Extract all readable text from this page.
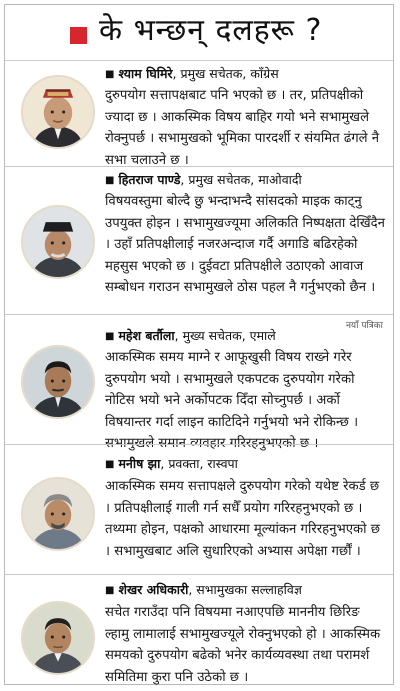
के भन्छन् दलहरू ?
■ श्याम घिमिरे, प्रमुख सचेतक, काँग्रेस
दुरुपयोग सत्तापक्षबाट पनि भएको छ । तर, प्रतिपक्षीको ज्यादा छ । आकस्मिक विषय बाहिर गयो भने सभामुखले रोक्नुपर्छ । सभामुखको भूमिका पारदर्शी र संयमित ढंगले नै सभा चलाउने छ ।
■ हितराज पाण्डे, प्रमुख सचेतक, माओवादी
विषयवस्तुमा बोल्दै छु भन्दाभन्दै सांसदको माइक काट्नु उपयुक्त होइन । सभामुखज्यूमा अलिकति निष्पक्षता देखिँदैन । उहाँ प्रतिपक्षीलाई नजरअन्दाज गर्दै अगाडि बढिरहेको महसुस भएको छ । दुईवटा प्रतिपक्षीले उठाएको आवाज सम्बोधन गराउन सभामुखले ठोस पहल नै गर्नुभएको छैन ।
नयाँ पत्रिका
■ महेश बर्तौला, मुख्य सचेतक, एमाले
आकस्मिक समय माग्ने र आफूखुसी विषय राख्ने गरेर दुरुपयोग भयो । सभामुखले एकपटक दुरुपयोग गरेको नोटिस भयो भने अर्कोपटक दिँदा सोच्नुपर्छ । अर्को विषयान्तर गर्दा लाइन काटिदिने गर्नुभयो भने रोकिन्छ । सभामुखले समान व्यवहार गरिरहनुभएको छ ।
■ मनीष झा, प्रवक्ता, रास्वपा
आकस्मिक समय सत्तापक्षले दुरुपयोग गरेको यथेष्ट रेकर्ड छ । प्रतिपक्षीलाई गाली गर्न सधैँ प्रयोग गरिरहनुभएको छ । तथ्यमा होइन, पक्षको आधारमा मूल्यांकन गरिरहनुभएको छ । सभामुखबाट अलि सुधारिएको अभ्यास अपेक्षा गर्छौं ।
■ शेखर अधिकारी, सभामुखका सल्लाहविज्ञ
सचेत गराउँदा पनि विषयमा नआएपछि माननीय छिरिङ ल्हामु लामालाई सभामुखज्यूले रोक्नुभएको हो । आकस्मिक समयको दुरुपयोग बढेको भनेर कार्यव्यवस्था तथा परामर्श समितिमा कुरा पनि उठेको छ ।
